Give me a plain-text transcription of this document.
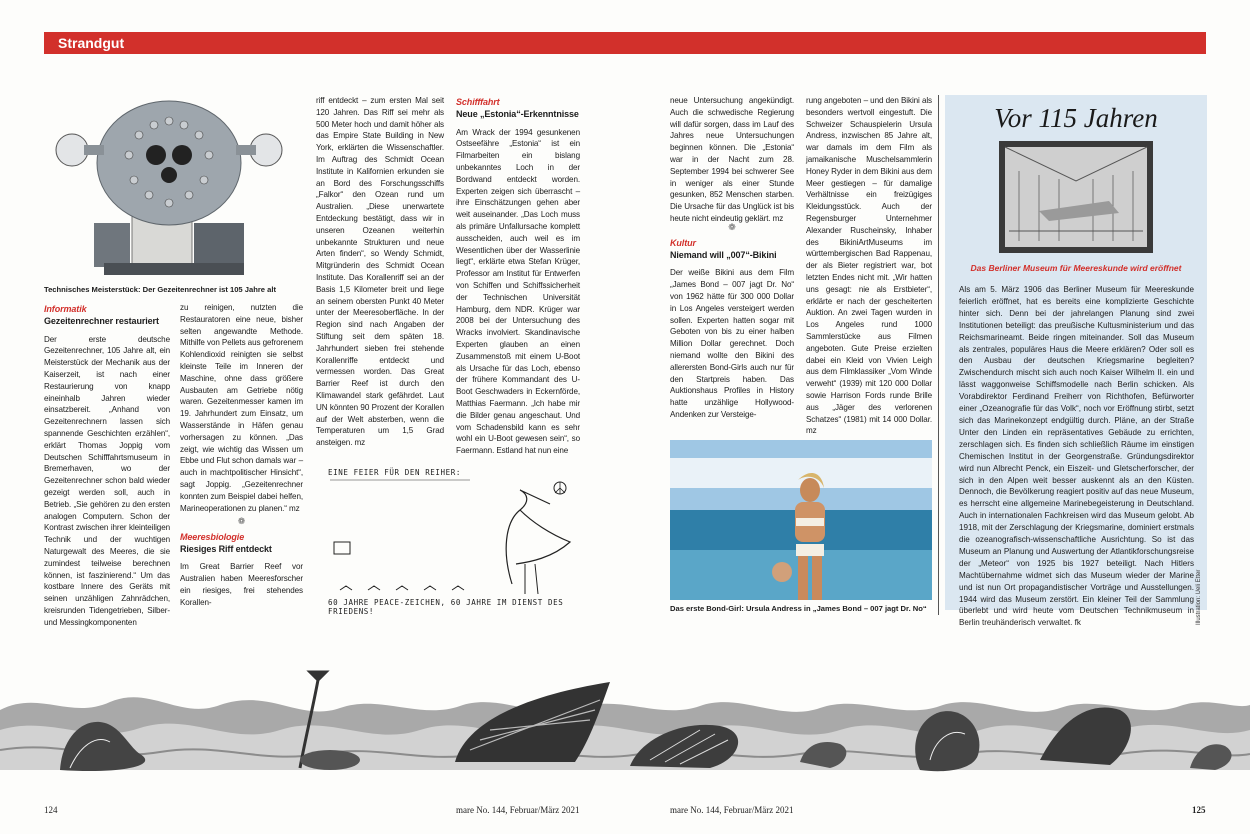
Strandgut
Technisches Meisterstück: Der Gezeitenrechner ist 105 Jahre alt
Informatik
Gezeitenrechner restauriert
Der erste deutsche Gezeitenrechner, 105 Jahre alt, ein Meisterstück der Mechanik aus der Kaiserzeit, ist nach einer Restaurierung von knapp eineinhalb Jahren wieder einsatzbereit. „Anhand von Gezeitenrechnern lassen sich spannende Geschichten erzählen“, erklärt Thomas Joppig vom Deutschen Schifffahrtsmuseum in Bremerhaven, wo der Gezeitenrechner schon bald wieder gezeigt werden soll, auch in Betrieb. „Sie gehören zu den ersten analogen Computern. Schon der Kontrast zwischen ihrer kleinteiligen Technik und der wuchtigen Naturgewalt des Meeres, die sie zumindest teilweise berechnen können, ist faszinierend.“ Um das kostbare Innere des Geräts mit seinen unzähligen Zahnrädchen, kreisrunden Tidengetrieben, Silber- und Messingkomponenten
zu reinigen, nutzten die Restauratoren eine neue, bisher selten angewandte Methode. Mithilfe von Pellets aus gefrorenem Kohlendioxid reinigten sie selbst kleinste Teile im Inneren der Maschine, ohne dass größere Ausbauten am Getriebe nötig waren. Gezeitenmesser kamen im 19. Jahrhundert zum Einsatz, um Wasserstände in Häfen genau vorhersagen zu können. „Das zeigt, wie wichtig das Wissen um Ebbe und Flut schon damals war – auch in machtpolitischer Hinsicht“, sagt Joppig. „Gezeitenrechner konnten zum Beispiel dabei helfen, Marineoperationen zu planen.“ mz
❁
Meeresbiologie
Riesiges Riff entdeckt
Im Great Barrier Reef vor Australien haben Meeresforscher ein riesiges, frei stehendes Korallen-
riff entdeckt – zum ersten Mal seit 120 Jahren. Das Riff sei mehr als 500 Meter hoch und damit höher als das Empire State Building in New York, erklärten die Wissenschaftler. Im Auftrag des Schmidt Ocean Institute in Kalifornien erkunden sie an Bord des Forschungsschiffs „Falkor“ den Ozean rund um Australien. „Diese unerwartete Entdeckung bestätigt, dass wir in unseren Ozeanen weiterhin unbekannte Strukturen und neue Arten finden“, so Wendy Schmidt, Mitgründerin des Schmidt Ocean Institute. Das Korallenriff sei an der Basis 1,5 Kilometer breit und liege an seinem obersten Punkt 40 Meter unter der Meeresoberfläche. In der Region sind nach Angaben der Stiftung seit dem späten 18. Jahrhundert sieben frei stehende Korallenriffe entdeckt und vermessen worden. Das Great Barrier Reef ist durch den Klimawandel stark gefährdet. Laut UN könnten 90 Prozent der Korallen auf der Welt absterben, wenn die Temperaturen um 1,5 Grad ansteigen. mz
Schifffahrt
Neue „Estonia“-Erkenntnisse
Am Wrack der 1994 gesunkenen Ostseefähre „Estonia“ ist ein Filmarbeiten ein bislang unbekanntes Loch in der Bordwand entdeckt worden. Experten zeigen sich überrascht – ihre Einschätzungen gehen aber weit auseinander. „Das Loch muss als primäre Unfallursache komplett ausscheiden, auch weil es im Wesentlichen über der Wasserlinie liegt“, erklärte etwa Stefan Krüger, Professor am Institut für Entwerfen von Schiffen und Schiffssicherheit der Technischen Universität Hamburg, dem NDR. Krüger war 2008 bei der Untersuchung des Wracks involviert. Skandinavische Experten glauben an einen Zusammenstoß mit einem U-Boot als Ursache für das Loch, ebenso der frühere Kommandant des U-Boot Geschwaders in Eckernförde, Matthias Faermann. „Ich habe mir die Bilder genau angeschaut. Und vom Schadensbild kann es sehr wohl ein U-Boot gewesen sein“, so Faermann. Estland hat nun eine
neue Untersuchung angekündigt. Auch die schwedische Regierung will dafür sorgen, dass im Lauf des Jahres neue Untersuchungen beginnen können. Die „Estonia“ war in der Nacht zum 28. September 1994 bei schwerer See in weniger als einer Stunde gesunken, 852 Menschen starben. Die Ursache für das Unglück ist bis heute nicht eindeutig geklärt. mz
❁
Kultur
Niemand will „007“-Bikini
Der weiße Bikini aus dem Film „James Bond – 007 jagt Dr. No“ von 1962 hätte für 300 000 Dollar in Los Angeles versteigert werden sollen. Experten hatten sogar mit Geboten von bis zu einer halben Million Dollar gerechnet. Doch niemand wollte den Bikini des allerersten Bond-Girls auch nur für den Startpreis haben. Das Auktionshaus Profiles in History hatte unzählige Hollywood-Andenken zur Versteige-
rung angeboten – und den Bikini als besonders wertvoll eingestuft. Die Schweizer Schauspielerin Ursula Andress, inzwischen 85 Jahre alt, war damals im dem Film als jamaikanische Muschelsammlerin Honey Ryder in dem Bikini aus dem Meer gestiegen – für damalige Verhältnisse ein freizügiges Kleidungsstück. Auch der Regensburger Unternehmer Alexander Ruscheinsky, Inhaber des BikiniArtMuseums im württembergischen Bad Rappenau, der als Bieter registriert war, bot letzten Endes nicht mit. „Wir hatten uns gesagt: nie als Erstbieter“, erklärte er nach der gescheiterten Auktion. An zwei Tagen wurden in Los Angeles rund 1000 Sammlerstücke aus Filmen angeboten. Gute Preise erzielten dabei ein Kleid von Vivien Leigh aus dem Filmklassiker „Vom Winde verweht“ (1939) mit 120 000 Dollar sowie Harrison Fords runde Brille aus „Jäger des verlorenen Schatzes“ (1981) mit 14 000 Dollar. mz
EINE FEIER FÜR DEN REIHER:
60 JAHRE PEACE-ZEICHEN, 60 JAHRE IM DIENST DES FRIEDENS!	Das erste Bond-Girl: Ursula Andress in „James Bond – 007 jagt Dr. No“
Vor 115 Jahren
Das Berliner Museum für Meereskunde wird eröffnet
Als am 5. März 1906 das Berliner Museum für Meereskunde feierlich eröffnet, hat es bereits eine komplizierte Geschichte hinter sich. Denn bei der jahrelangen Planung sind zwei Institutionen beteiligt: das preußische Kultusministerium und das Reichsmarineamt. Beide ringen miteinander. Soll das Museum als zentrales, populäres Haus die Meere erklären? Oder soll es den Ausbau der deutschen Kriegsmarine begleiten? Zwischendurch mischt sich auch noch Kaiser Wilhelm II. ein und lässt waggonweise Schiffsmodelle nach Berlin schicken. Als Vorabdirektor Ferdinand Freiherr von Richthofen, Befürworter einer „Ozeanografie für das Volk“, noch vor Eröffnung stirbt, setzt sich das Marinekonzept endgültig durch. Pläne, an der Straße Unter den Linden ein repräsentatives Gebäude zu errichten, zerschlagen sich. Es finden sich schließlich Räume im einstigen Chemischen Institut in der Georgenstraße. Gründungsdirektor wird nun Albrecht Penck, ein Eiszeit- und Gletscherforscher, der sich in den Alpen weit besser auskennt als an den Küsten. Dennoch, die Bevölkerung reagiert positiv auf das neue Museum, es herrscht eine allgemeine Marinebegeisterung in Deutschland. Auch in internationalen Fachkreisen wird das Museum gelobt. Ab 1918, mit der Zerschlagung der Kriegsmarine, dominiert erstmals die ozeanografisch-wissenschaftliche Ausrichtung. So ist das Museum an Planung und Auswertung der Atlantikforschungsreise der „Meteor“ von 1925 bis 1927 beteiligt. Nach Hitlers Machtübernahme widmet sich das Museum wieder der Marine und ist nun Ort propagandistischer Vorträge und Ausstellungen. 1944 wird das Museum zerstört. Ein kleiner Teil der Sammlung überlebt und wird heute vom Deutschen Technikmuseum in Berlin treuhänderisch verwaltet. fk	Illustration: Ueli Etter
124	mare No. 144, Februar/März 2021	mare No. 144, Februar/März 2021	125
